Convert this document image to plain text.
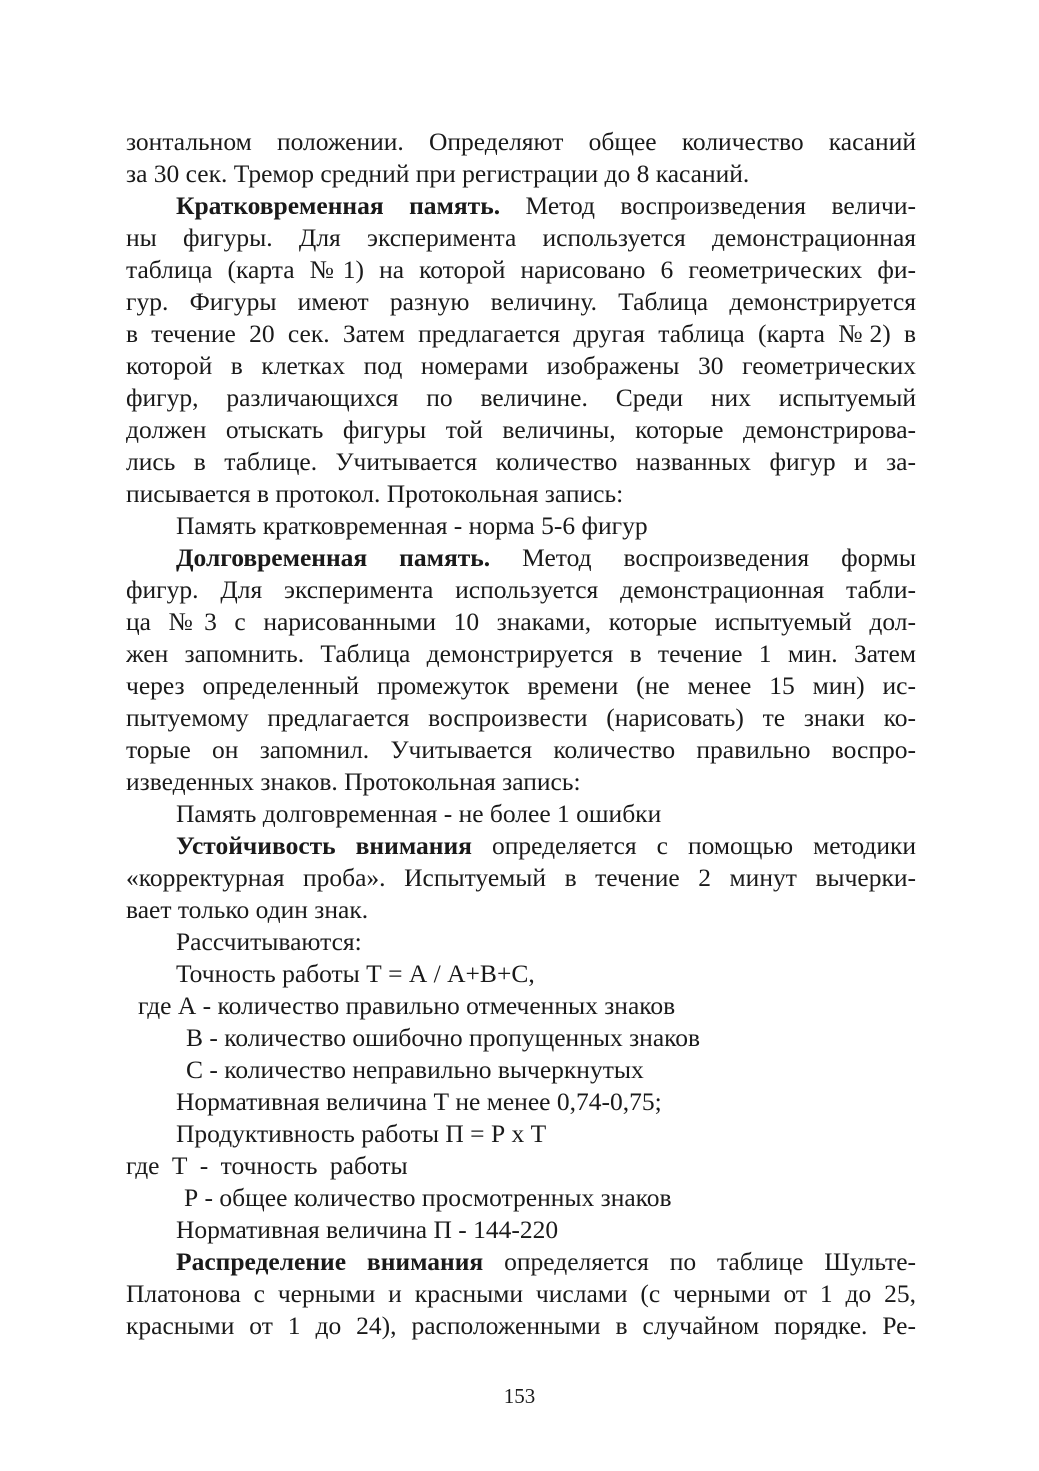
зонтальном положении. Определяют общее количество касаний
за 30 сек. Тремор средний при регистрации до 8 касаний.
Кратковременная память. Метод воспроизведения величи-
ны фигуры. Для эксперимента используется демонстрационная
таблица (карта №1) на которой нарисовано 6 геометрических фи-
гур. Фигуры имеют разную величину. Таблица демонстрируется
в течение 20 сек. Затем предлагается другая таблица (карта №2) в
которой в клетках под номерами изображены 30 геометрических
фигур, различающихся по величине. Среди них испытуемый
должен отыскать фигуры той величины, которые демонстрирова-
лись в таблице. Учитывается количество названных фигур и за-
писывается в протокол. Протокольная запись:
Память кратковременная - норма 5-6 фигур
Долговременная память. Метод воспроизведения формы
фигур. Для эксперимента используется демонстрационная табли-
ца №3 с нарисованными 10 знаками, которые испытуемый дол-
жен запомнить. Таблица демонстрируется в течение 1 мин. Затем
через определенный промежуток времени (не менее 15 мин) ис-
пытуемому предлагается воспроизвести (нарисовать) те знаки ко-
торые он запомнил. Учитывается количество правильно воспро-
изведенных знаков. Протокольная запись:
Память долговременная - не более 1 ошибки
Устойчивость внимания определяется с помощью методики
«корректурная проба». Испытуемый в течение 2 минут вычерки-
вает только один знак.
Рассчитываются:
Точность работы Т = А / А+В+С,
где А - количество правильно отмеченных знаков
В - количество ошибочно пропущенных знаков
С - количество неправильно вычеркнутых
Нормативная величина Т не менее 0,74-0,75;
Продуктивность работы П = Р х Т
где Т - точность работы
Р - общее количество просмотренных знаков
Нормативная величина П - 144-220
Распределение внимания определяется по таблице Шульте-
Платонова с черными и красными числами (с черными от 1 до 25,
красными от 1 до 24), расположенными в случайном порядке. Ре-
153
